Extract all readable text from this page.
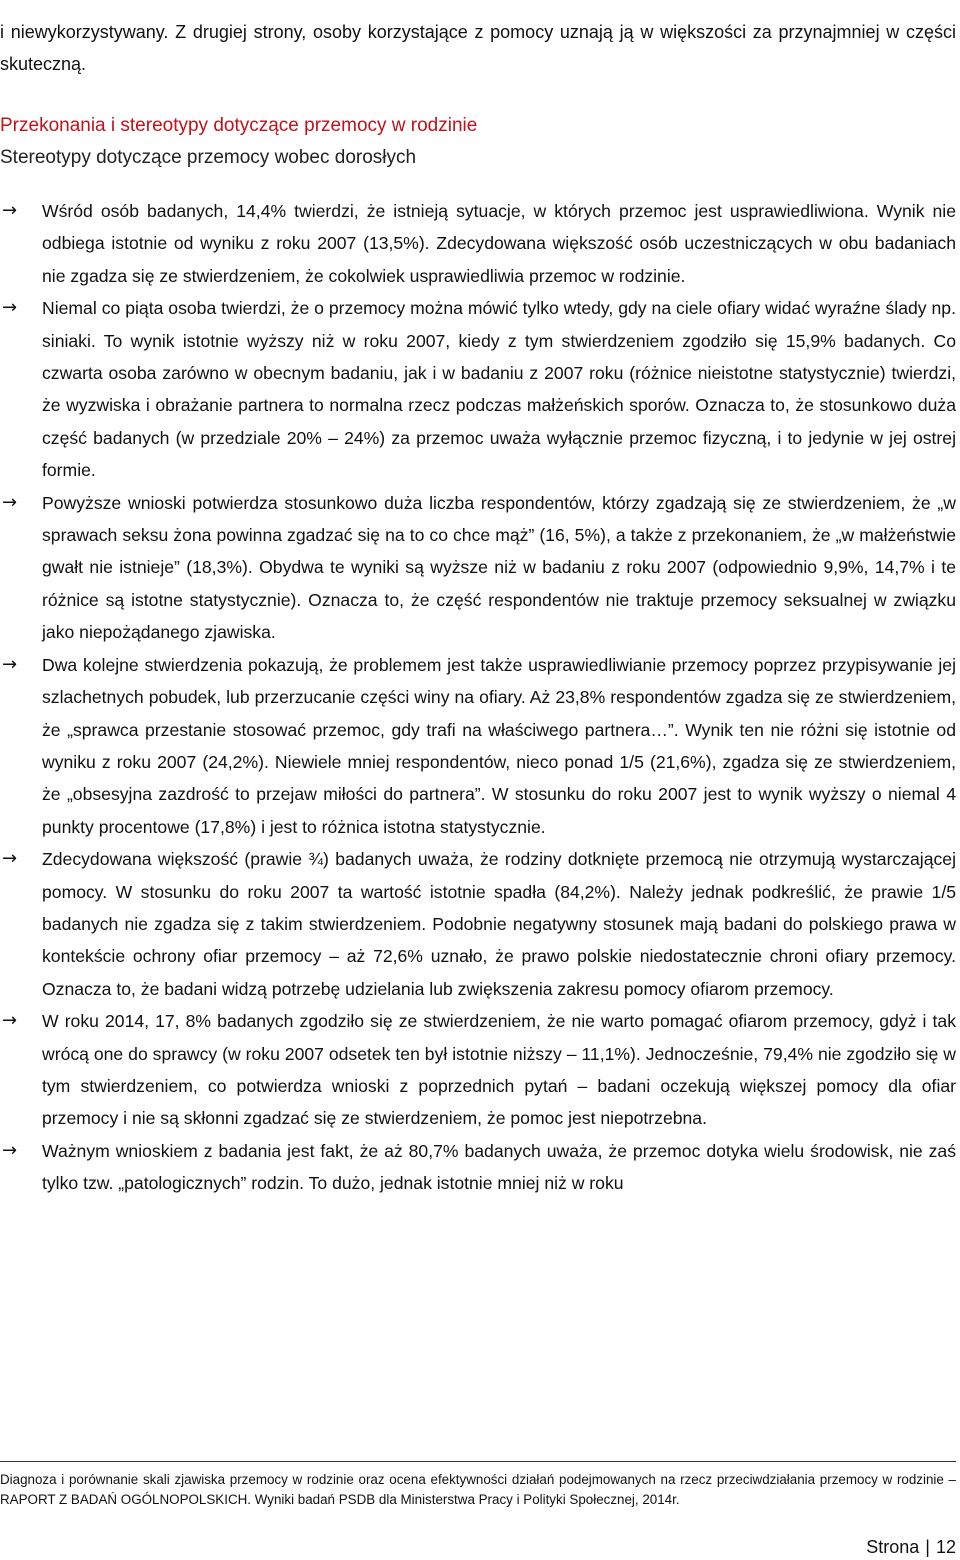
i niewykorzystywany. Z drugiej strony, osoby korzystające z pomocy uznają ją w większości za przynajmniej w części skuteczną.

Przekonania i stereotypy dotyczące przemocy w rodzinie
Stereotypy dotyczące przemocy wobec dorosłych
→ Wśród osób badanych, 14,4% twierdzi, że istnieją sytuacje, w których przemoc jest usprawiedliwiona. Wynik nie odbiega istotnie od wyniku z roku 2007 (13,5%). Zdecydowana większość osób uczestniczących w obu badaniach nie zgadza się ze stwierdzeniem, że cokolwiek usprawiedliwia przemoc w rodzinie.
→ Niemal co piąta osoba twierdzi, że o przemocy można mówić tylko wtedy, gdy na ciele ofiary widać wyraźne ślady np. siniaki. To wynik istotnie wyższy niż w roku 2007, kiedy z tym stwierdzeniem zgodziło się 15,9% badanych. Co czwarta osoba zarówno w obecnym badaniu, jak i w badaniu z 2007 roku (różnice nieistotne statystycznie) twierdzi, że wyzwiska i obrażanie partnera to normalna rzecz podczas małżeńskich sporów. Oznacza to, że stosunkowo duża część badanych (w przedziale 20% – 24%) za przemoc uważa wyłącznie przemoc fizyczną, i to jedynie w jej ostrej formie.
→ Powyższe wnioski potwierdza stosunkowo duża liczba respondentów, którzy zgadzają się ze stwierdzeniem, że „w sprawach seksu żona powinna zgadzać się na to co chce mąż” (16, 5%), a także z przekonaniem, że „w małżeństwie gwałt nie istnieje” (18,3%). Obydwa te wyniki są wyższe niż w badaniu z roku 2007 (odpowiednio 9,9%, 14,7% i te różnice są istotne statystycznie). Oznacza to, że część respondentów nie traktuje przemocy seksualnej w związku jako niepożądanego zjawiska.
→ Dwa kolejne stwierdzenia pokazują, że problemem jest także usprawiedliwianie przemocy poprzez przypisywanie jej szlachetnych pobudek, lub przerzucanie części winy na ofiary. Aż 23,8% respondentów zgadza się ze stwierdzeniem, że „sprawca przestanie stosować przemoc, gdy trafi na właściwego partnera…”. Wynik ten nie różni się istotnie od wyniku z roku 2007 (24,2%). Niewiele mniej respondentów, nieco ponad 1/5 (21,6%), zgadza się ze stwierdzeniem, że „obsesyjna zazdrość to przejaw miłości do partnera”. W stosunku do roku 2007 jest to wynik wyższy o niemal 4 punkty procentowe (17,8%) i jest to różnica istotna statystycznie.
→ Zdecydowana większość (prawie ¾) badanych uważa, że rodziny dotknięte przemocą nie otrzymują wystarczającej pomocy. W stosunku do roku 2007 ta wartość istotnie spadła (84,2%). Należy jednak podkreślić, że prawie 1/5 badanych nie zgadza się z takim stwierdzeniem. Podobnie negatywny stosunek mają badani do polskiego prawa w kontekście ochrony ofiar przemocy – aż 72,6% uznało, że prawo polskie niedostatecznie chroni ofiary przemocy. Oznacza to, że badani widzą potrzebę udzielania lub zwiększenia zakresu pomocy ofiarom przemocy.
→ W roku 2014, 17, 8% badanych zgodziło się ze stwierdzeniem, że nie warto pomagać ofiarom przemocy, gdyż i tak wrócą one do sprawcy (w roku 2007 odsetek ten był istotnie niższy – 11,1%). Jednocześnie, 79,4% nie zgodziło się w tym stwierdzeniem, co potwierdza wnioski z poprzednich pytań – badani oczekują większej pomocy dla ofiar przemocy i nie są skłonni zgadzać się ze stwierdzeniem, że pomoc jest niepotrzebna.
→ Ważnym wnioskiem z badania jest fakt, że aż 80,7% badanych uważa, że przemoc dotyka wielu środowisk, nie zaś tylko tzw. „patologicznych” rodzin. To dużo, jednak istotnie mniej niż w roku
Diagnoza i porównanie skali zjawiska przemocy w rodzinie oraz ocena efektywności działań podejmowanych na rzecz przeciwdziałania przemocy w rodzinie – RAPORT Z BADAŃ OGÓLNOPOLSKICH. Wyniki badań PSDB dla Ministerstwa Pracy i Polityki Społecznej, 2014r.
Strona | 12
